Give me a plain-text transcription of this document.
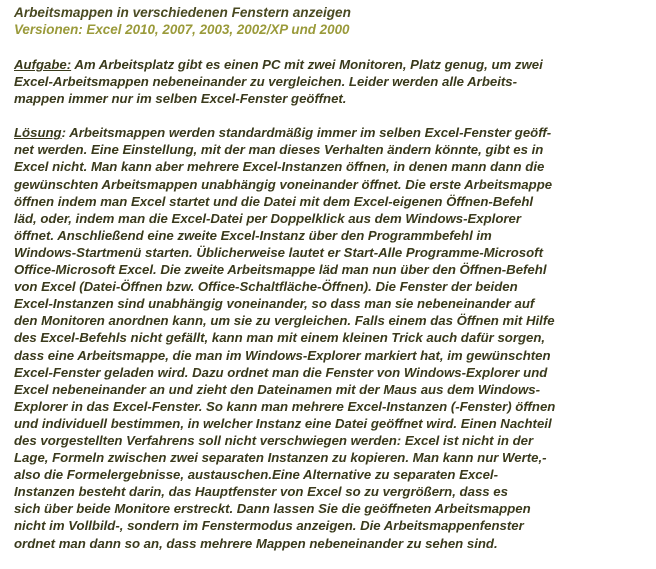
Arbeitsmappen in verschiedenen Fenstern anzeigen
Versionen: Excel 2010, 2007, 2003, 2002/XP und 2000
Aufgabe: Am Arbeitsplatz gibt es einen PC mit zwei Monitoren, Platz genug, um zwei
Excel-Arbeitsmappen nebeneinander zu vergleichen. Leider werden alle Arbeits-
mappen immer nur im selben Excel-Fenster geöffnet.
Lösung: Arbeitsmappen werden standardmäßig immer im selben Excel-Fenster geöff-
net werden. Eine Einstellung, mit der man dieses Verhalten ändern könnte, gibt es in
Excel nicht. Man kann aber mehrere Excel-Instanzen öffnen, in denen mann dann die
gewünschten Arbeitsmappen unabhängig voneinander öffnet. Die erste Arbeitsmappe
öffnen indem man Excel startet und die Datei mit dem Excel-eigenen Öffnen-Befehl
läd, oder, indem man die Excel-Datei per Doppelklick aus dem Windows-Explorer
öffnet. Anschließend eine zweite Excel-Instanz über den Programmbefehl im
Windows-Startmenü starten. Üblicherweise lautet er Start-Alle Programme-Microsoft
Office-Microsoft Excel. Die zweite Arbeitsmappe läd man nun über den Öffnen-Befehl
von Excel (Datei-Öffnen bzw. Office-Schaltfläche-Öffnen). Die Fenster der beiden
Excel-Instanzen sind unabhängig voneinander, so dass man sie nebeneinander auf
den Monitoren anordnen kann, um sie zu vergleichen. Falls einem das Öffnen mit Hilfe
des Excel-Befehls nicht gefällt, kann man mit einem kleinen Trick auch dafür sorgen,
dass eine Arbeitsmappe, die man im Windows-Explorer markiert hat, im gewünschten
Excel-Fenster geladen wird. Dazu ordnet man die Fenster von Windows-Explorer und
Excel nebeneinander an und zieht den Dateinamen mit der Maus aus dem Windows-
Explorer in das Excel-Fenster. So kann man mehrere Excel-Instanzen (-Fenster) öffnen
und individuell bestimmen, in welcher Instanz eine Datei geöffnet wird. Einen Nachteil
des vorgestellten Verfahrens soll nicht verschwiegen werden: Excel ist nicht in der
Lage, Formeln zwischen zwei separaten Instanzen zu kopieren. Man kann nur Werte,-
also die Formelergebnisse, austauschen.Eine Alternative zu separaten Excel-
Instanzen besteht darin, das Hauptfenster von Excel so zu vergrößern, dass es
sich über beide Monitore erstreckt. Dann lassen Sie die geöffneten Arbeitsmappen
nicht im Vollbild-, sondern im Fenstermodus anzeigen. Die Arbeitsmappenfenster
ordnet man dann so an, dass mehrere Mappen nebeneinander zu sehen sind.
